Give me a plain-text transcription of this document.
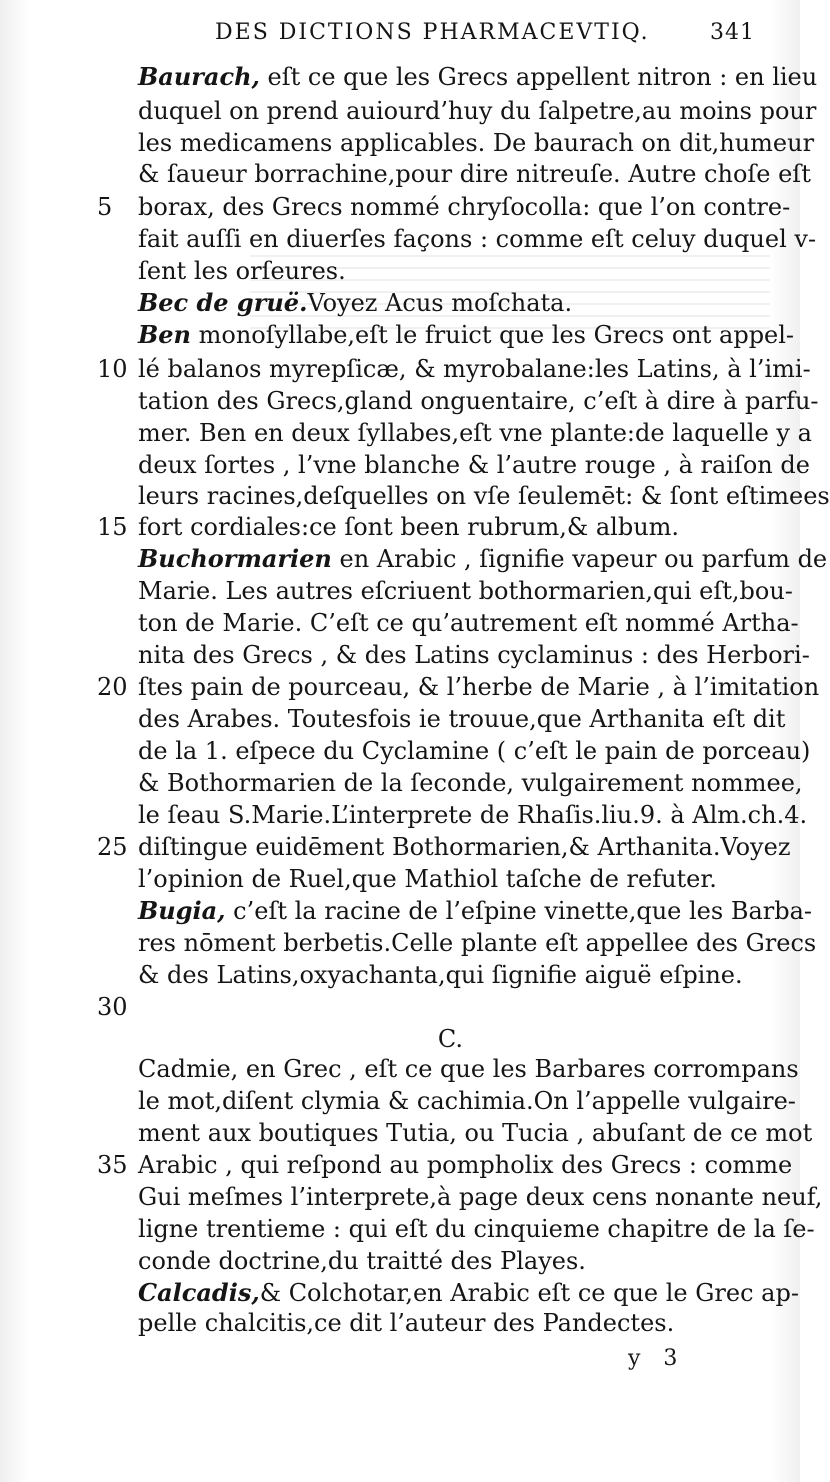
DES DICTIONS PHARMACEVTIQ.	341
Baurach, eſt ce que les Grecs appellent nitron : en lieu
duquel on prend auiourd’huy du ſalpetre,au moins pour
les medicamens applicables. De baurach on dit,humeur
& ſaueur borrachine,pour dire nitreuſe. Autre choſe eſt
borax, des Grecs nommé chryſocolla: que l’on contre-
fait auſſi en diuerſes façons : comme eſt celuy duquel v-
ſent les orſeures.
Bec de gruë.Voyez Acus moſchata.
Ben monoſyllabe,eſt le fruict que les Grecs ont appel-
lé balanos myrepſicæ, & myrobalane:les Latins, à l’imi-
tation des Grecs,gland onguentaire, c’eſt à dire à parfu-
mer. Ben en deux ſyllabes,eſt vne plante:de laquelle y a
deux ſortes , l’vne blanche & l’autre rouge , à raiſon de
leurs racines,deſquelles on vſe ſeulemēt: & ſont eſtimees
fort cordiales:ce ſont been rubrum,& album.
Buchormarien en Arabic , ſignifie vapeur ou parfum de
Marie. Les autres eſcriuent bothormarien,qui eſt,bou-
ton de Marie. C’eſt ce qu’autrement eſt nommé Artha-
nita des Grecs , & des Latins cyclaminus : des Herbori-
ſtes pain de pourceau, & l’herbe de Marie , à l’imitation
des Arabes. Toutesfois ie trouue,que Arthanita eſt dit
de la 1. eſpece du Cyclamine ( c’eſt le pain de porceau)
& Bothormarien de la ſeconde, vulgairement nommee,
le ſeau S.Marie.L’interprete de Rhaſis.liu.9. à Alm.ch.4.
diſtingue euidēment Bothormarien,& Arthanita.Voyez
l’opinion de Ruel,que Mathiol taſche de refuter.
Bugia, c’eſt la racine de l’eſpine vinette,que les Barba-
res nōment berbetis.Celle plante eſt appellee des Grecs
& des Latins,oxyachanta,qui ſignifie aiguë eſpine.
C.
Cadmie, en Grec , eſt ce que les Barbares corrompans
le mot,diſent clymia & cachimia.On l’appelle vulgaire-
ment aux boutiques Tutia, ou Tucia , abuſant de ce mot
Arabic , qui reſpond au pompholix des Grecs : comme
Gui meſmes l’interprete,à page deux cens nonante neuf,
ligne trentieme : qui eſt du cinquieme chapitre de la ſe-
conde doctrine,du traitté des Playes.
Calcadis,& Colchotar,en Arabic eſt ce que le Grec ap-
pelle chalcitis,ce dit l’auteur des Pandectes.
5
10
15
20
25
30
35
y 3
